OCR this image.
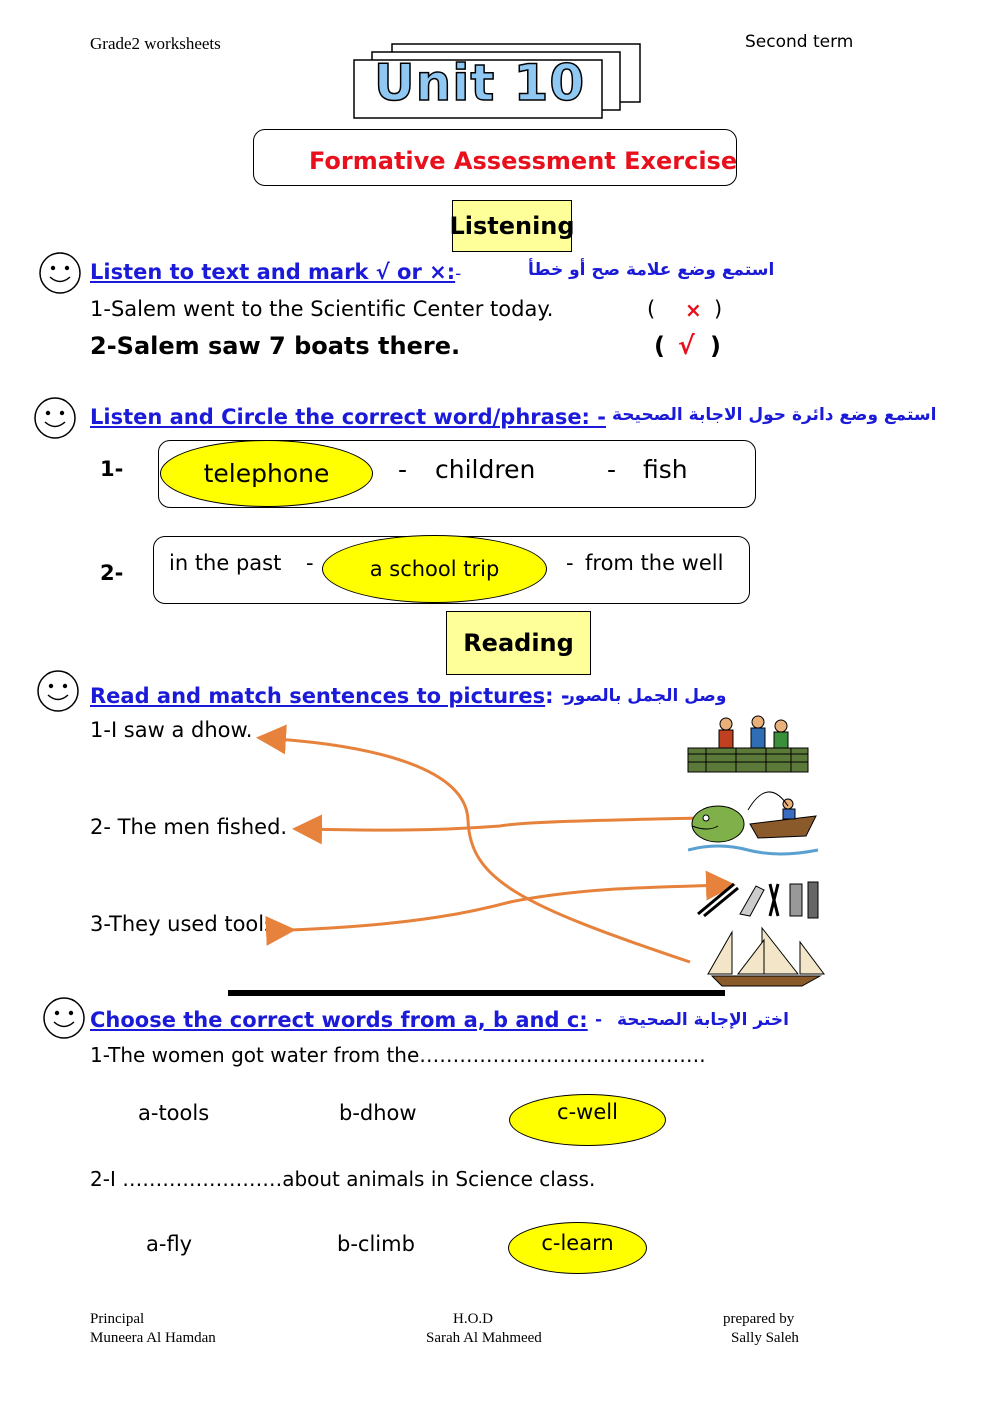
Grade2 worksheets	Second term
Unit 10
Formative Assessment Exercise
Listening
Listen to text and mark √ or ×:-	استمع وضع علامة صح أو خطأ
1-Salem went to the Scientific Center today.	( × )
2-Salem saw 7 boats there.	( √ )
Listen and Circle the correct word/phrase: - استمع وضع دائرة حول الاجابة الصحيحة
1-	telephone	- children	- fish
2- in the past -	a school trip	- from the well
Reading
Read and match sentences to pictures: -
وصل الجمل بالصور
1-I saw a dhow.
2- The men fished.
3-They used tools.
Choose the correct words from a, b and c: - اختر الإجابة الصحيحة
1-The women got water from the…………………………………….
a-tools	b-dhow	c-well
2-I ……………………about animals in Science class.
a-fly	b-climb	c-learn
Principal
Muneera Al Hamdan
H.O.D
Sarah Al Mahmeed
prepared by
Sally Saleh
